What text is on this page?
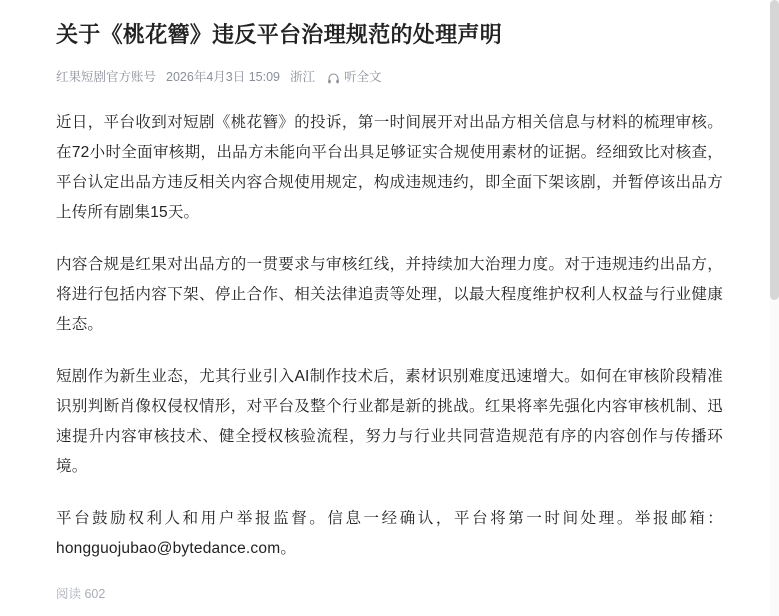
关于《桃花簪》违反平台治理规范的处理声明
红果短剧官方账号 2026年4月3日 15:09 浙江 听全文

近日，平台收到对短剧《桃花簪》的投诉，第一时间展开对出品方相关信息与材料的梳理审核。在72小时全面审核期，出品方未能向平台出具足够证实合规使用素材的证据。经细致比对核查，平台认定出品方违反相关内容合规使用规定，构成违规违约，即全面下架该剧，并暂停该出品方上传所有剧集15天。

内容合规是红果对出品方的一贯要求与审核红线，并持续加大治理力度。对于违规违约出品方，将进行包括内容下架、停止合作、相关法律追责等处理，以最大程度维护权利人权益与行业健康生态。

短剧作为新生业态，尤其行业引入AI制作技术后，素材识别难度迅速增大。如何在审核阶段精准识别判断肖像权侵权情形，对平台及整个行业都是新的挑战。红果将率先强化内容审核机制、迅速提升内容审核技术、健全授权核验流程，努力与行业共同营造规范有序的内容创作与传播环境。

平台鼓励权利人和用户举报监督。信息一经确认，平台将第一时间处理。举报邮箱：hongguojubao@bytedance.com。

阅读 602
